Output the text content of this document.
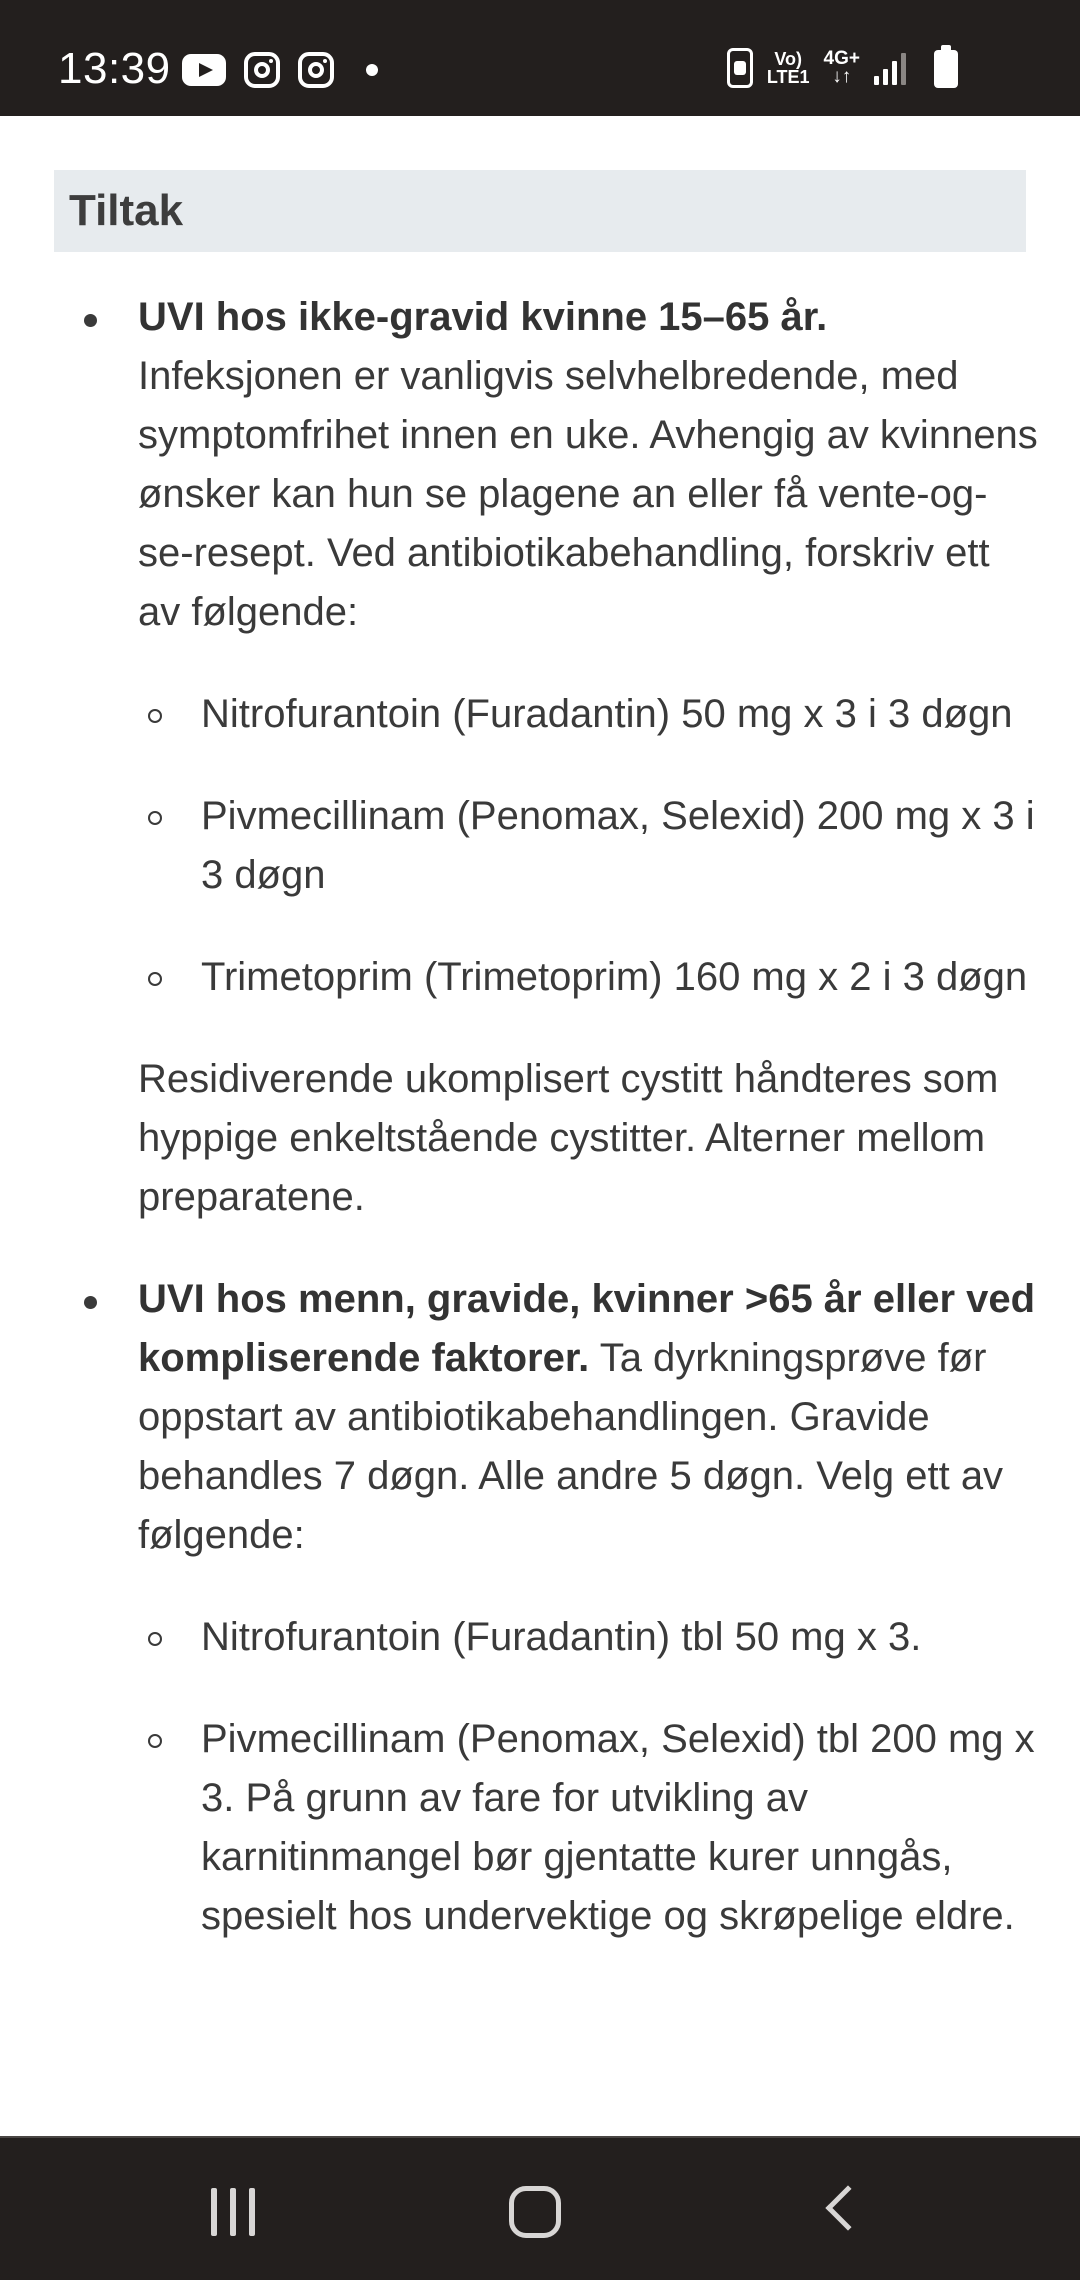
13:39	Vo)
LTE1
4G+
↓↑
Tiltak
UVI hos ikke-gravid kvinne 15–65 år.
Infeksjonen er vanligvis selvhelbredende, med symptomfrihet innen en uke. Avhengig av kvinnens ønsker kan hun se plagene an eller få vente-og-se-resept. Ved antibiotikabehandling, forskriv ett av følgende:
Nitrofurantoin (Furadantin) 50 mg x 3 i 3 døgn
Pivmecillinam (Penomax, Selexid) 200 mg x 3 i 3 døgn
Trimetoprim (Trimetoprim) 160 mg x 2 i 3 døgn
Residiverende ukomplisert cystitt håndteres som hyppige enkeltstående cystitter. Alterner mellom preparatene.
UVI hos menn, gravide, kvinner >65 år eller ved kompliserende faktorer. Ta dyrkningsprøve før oppstart av antibiotikabehandlingen. Gravide behandles 7 døgn. Alle andre 5 døgn. Velg ett av følgende:
Nitrofurantoin (Furadantin) tbl 50 mg x 3.
Pivmecillinam (Penomax, Selexid) tbl 200 mg x 3. På grunn av fare for utvikling av karnitinmangel bør gjentatte kurer unngås, spesielt hos undervektige og skrøpelige eldre.
